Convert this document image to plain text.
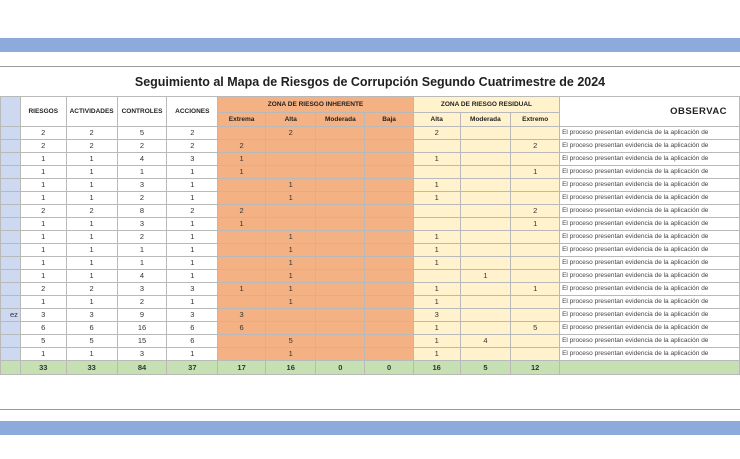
Seguimiento al Mapa de Riesgos de Corrupción Segundo Cuatrimestre de 2024
	RIESGOS	ACTIVIDADES	CONTROLES	ACCIONES	ZONA DE RIESGO INHERENTE				ZONA DE RIESGO RESIDUAL			OBSERVAC
					Extrema	Alta	Moderada	Baja	Alta	Moderada	Extremo	
	2	2	5	2		2			2			El proceso presentan evidencia de la aplicación de
	2	2	2	2	2						2	El proceso presentan evidencia de la aplicación de
	1	1	4	3	1				1			El proceso presentan evidencia de la aplicación de
	1	1	1	1	1						1	El proceso presentan evidencia de la aplicación de
	1	1	3	1		1			1			El proceso presentan evidencia de la aplicación de
	1	1	2	1		1			1			El proceso presentan evidencia de la aplicación de
	2	2	8	2	2						2	El proceso presentan evidencia de la aplicación de
	1	1	3	1	1						1	El proceso presentan evidencia de la aplicación de
	1	1	2	1		1			1			El proceso presentan evidencia de la aplicación de
	1	1	1	1		1			1			El proceso presentan evidencia de la aplicación de
	1	1	1	1		1			1			El proceso presentan evidencia de la aplicación de
	1	1	4	1		1				1		El proceso presentan evidencia de la aplicación de
	2	2	3	3	1	1			1		1	El proceso presentan evidencia de la aplicación de
	1	1	2	1		1			1			El proceso presentan evidencia de la aplicación de
ez	3	3	9	3	3				3			El proceso presentan evidencia de la aplicación de
	6	6	16	6	6				1		5	El proceso presentan evidencia de la aplicación de
	5	5	15	6		5			1	4		El proceso presentan evidencia de la aplicación de
	1	1	3	1		1			1			El proceso presentan evidencia de la aplicación de
	33	33	84	37	17	16	0	0	16	5	12	
